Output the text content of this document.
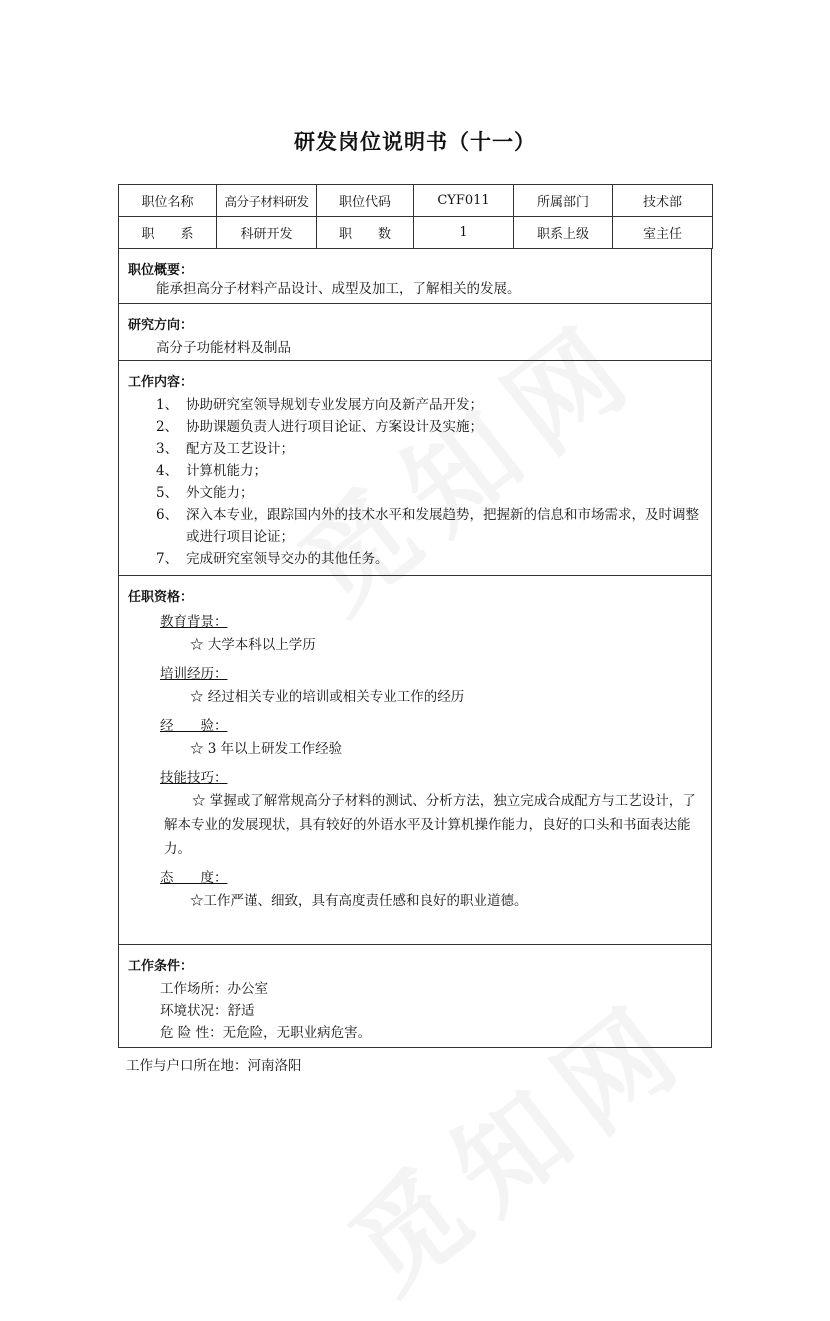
研发岗位说明书（十一）
职位名称	高分子材料研发	职位代码	CYF011	所属部门	技术部
职　　系	科研开发	职　　数	1	职系上级	室主任
职位概要：
能承担高分子材料产品设计、成型及加工，了解相关的发展。
研究方向：
高分子功能材料及制品
工作内容：
1、 协助研究室领导规划专业发展方向及新产品开发；
2、 协助课题负责人进行项目论证、方案设计及实施；
3、 配方及工艺设计；
4、 计算机能力；
5、 外文能力；
6、 深入本专业，跟踪国内外的技术水平和发展趋势，把握新的信息和市场需求，及时调整或进行项目论证；
7、 完成研究室领导交办的其他任务。
任职资格：
教育背景：
☆ 大学本科以上学历
培训经历：
☆ 经过相关专业的培训或相关专业工作的经历
经　　验：
☆ 3 年以上研发工作经验
技能技巧：
☆ 掌握或了解常规高分子材料的测试、分析方法，独立完成合成配方与工艺设计，了解本专业的发展现状，具有较好的外语水平及计算机操作能力，良好的口头和书面表达能力。
态　　度：
☆工作严谨、细致，具有高度责任感和良好的职业道德。
工作条件：
工作场所：办公室
环境状况：舒适
危 险 性：无危险，无职业病危害。
工作与户口所在地：河南洛阳
